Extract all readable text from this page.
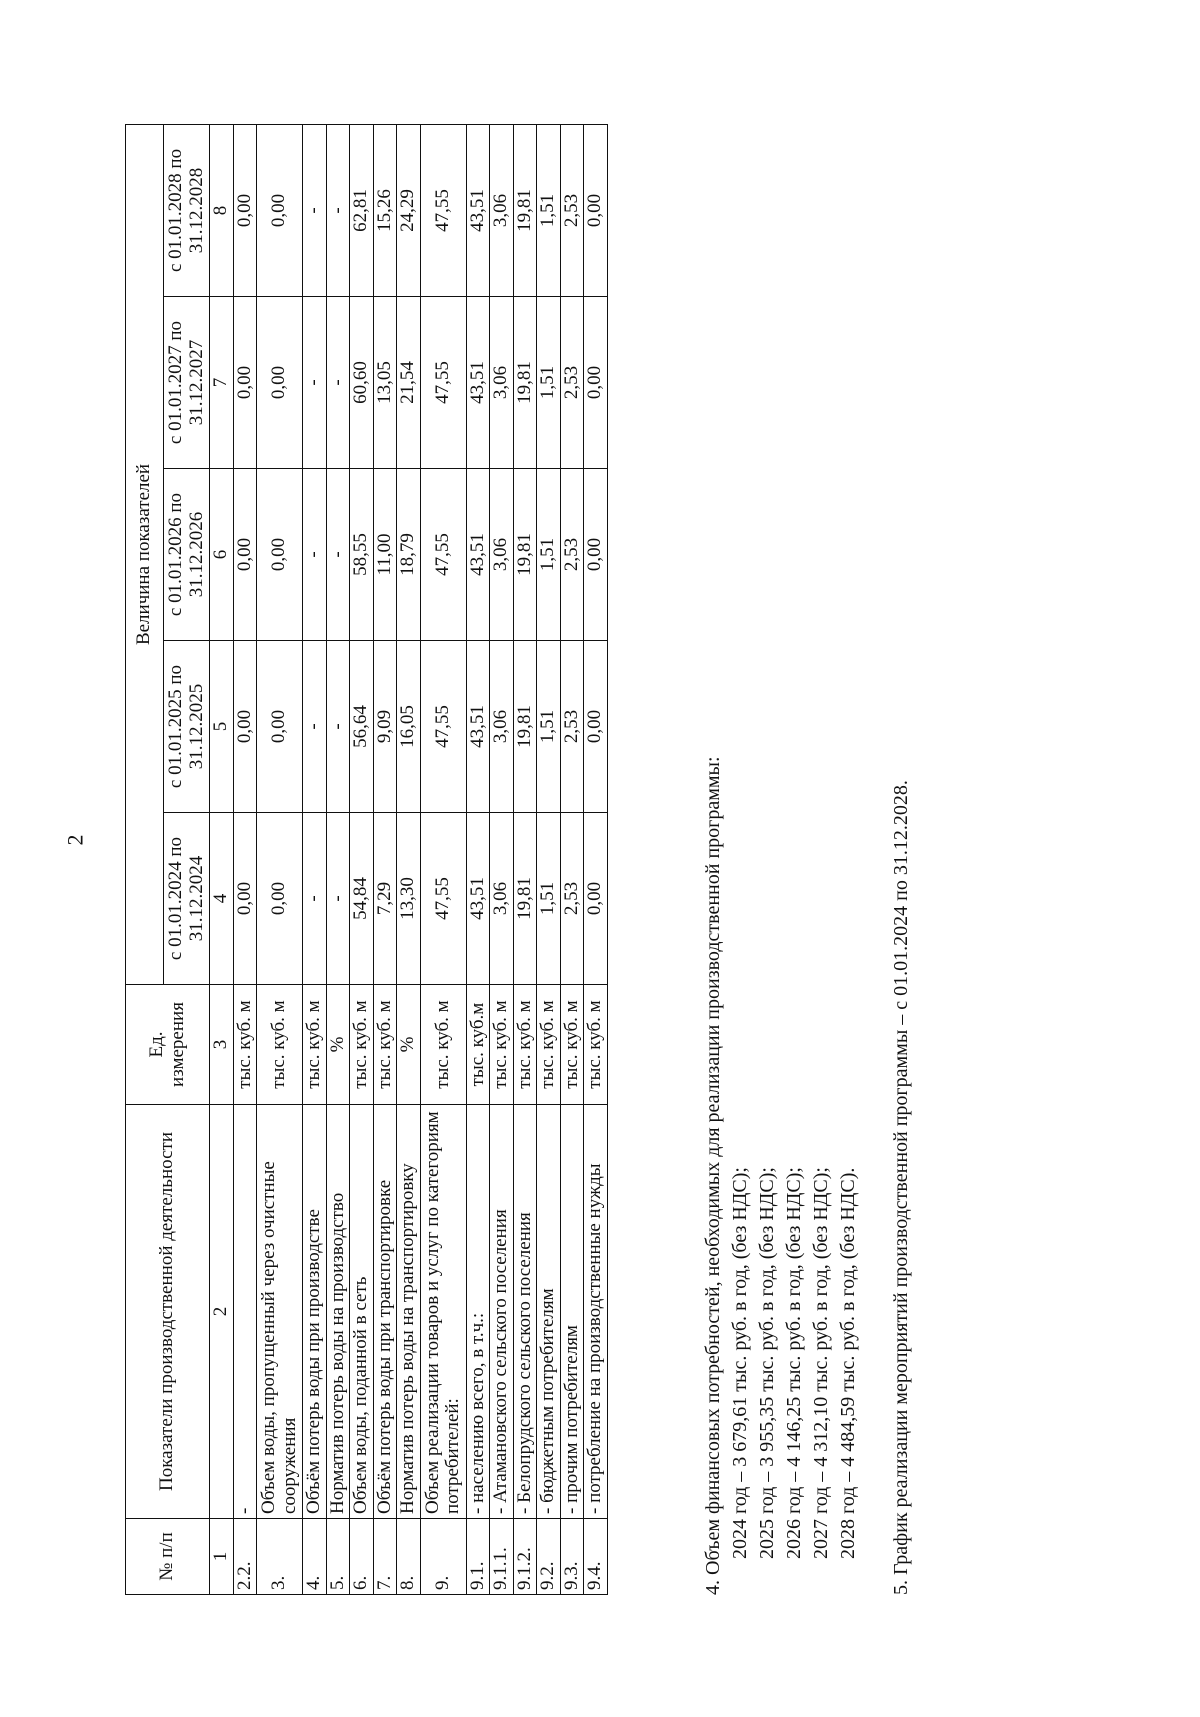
2
№ п/п	Показатели производственной деятельности	Ед. измерения	Величина показателей				
			с 01.01.2024 по 31.12.2024	с 01.01.2025 по 31.12.2025	с 01.01.2026 по 31.12.2026	с 01.01.2027 по 31.12.2027	с 01.01.2028 по 31.12.2028
1	2	3	4	5	6	7	8
2.2.	-	тыс. куб. м	0,00	0,00	0,00	0,00	0,00
3.	Объем воды, пропущенный через очистные сооружения	тыс. куб. м	0,00	0,00	0,00	0,00	0,00
4.	Объём потерь воды при производстве	тыс. куб. м	-	-	-	-	-
5.	Норматив потерь воды на производство	%	-	-	-	-	-
6.	Объем воды, поданной в сеть	тыс. куб. м	54,84	56,64	58,55	60,60	62,81
7.	Объём потерь воды при транспортировке	тыс. куб. м	7,29	9,09	11,00	13,05	15,26
8.	Норматив потерь воды на транспортировку	%	13,30	16,05	18,79	21,54	24,29
9.	Объем реализации товаров и услуг по категориям потребителей:	тыс. куб. м	47,55	47,55	47,55	47,55	47,55
9.1.	- населению всего, в т.ч.:	тыс. куб.м	43,51	43,51	43,51	43,51	43,51
9.1.1.	- Атамановского сельского поселения	тыс. куб. м	3,06	3,06	3,06	3,06	3,06
9.1.2.	- Белопрудского сельского поселения	тыс. куб. м	19,81	19,81	19,81	19,81	19,81
9.2.	- бюджетным потребителям	тыс. куб. м	1,51	1,51	1,51	1,51	1,51
9.3.	- прочим потребителям	тыс. куб. м	2,53	2,53	2,53	2,53	2,53
9.4.	- потребление на производственные нужды	тыс. куб. м	0,00	0,00	0,00	0,00	0,00
4. Объем финансовых потребностей, необходимых для реализации производственной программы: 2024 год – 3 679,61 тыс. руб. в год, (без НДС); 2025 год – 3 955,35 тыс. руб. в год, (без НДС); 2026 год – 4 146,25 тыс. руб. в год, (без НДС); 2027 год – 4 312,10 тыс. руб. в год, (без НДС); 2028 год – 4 484,59 тыс. руб. в год, (без НДС). 5. График реализации мероприятий производственной программы – с 01.01.2024 по 31.12.2028.
